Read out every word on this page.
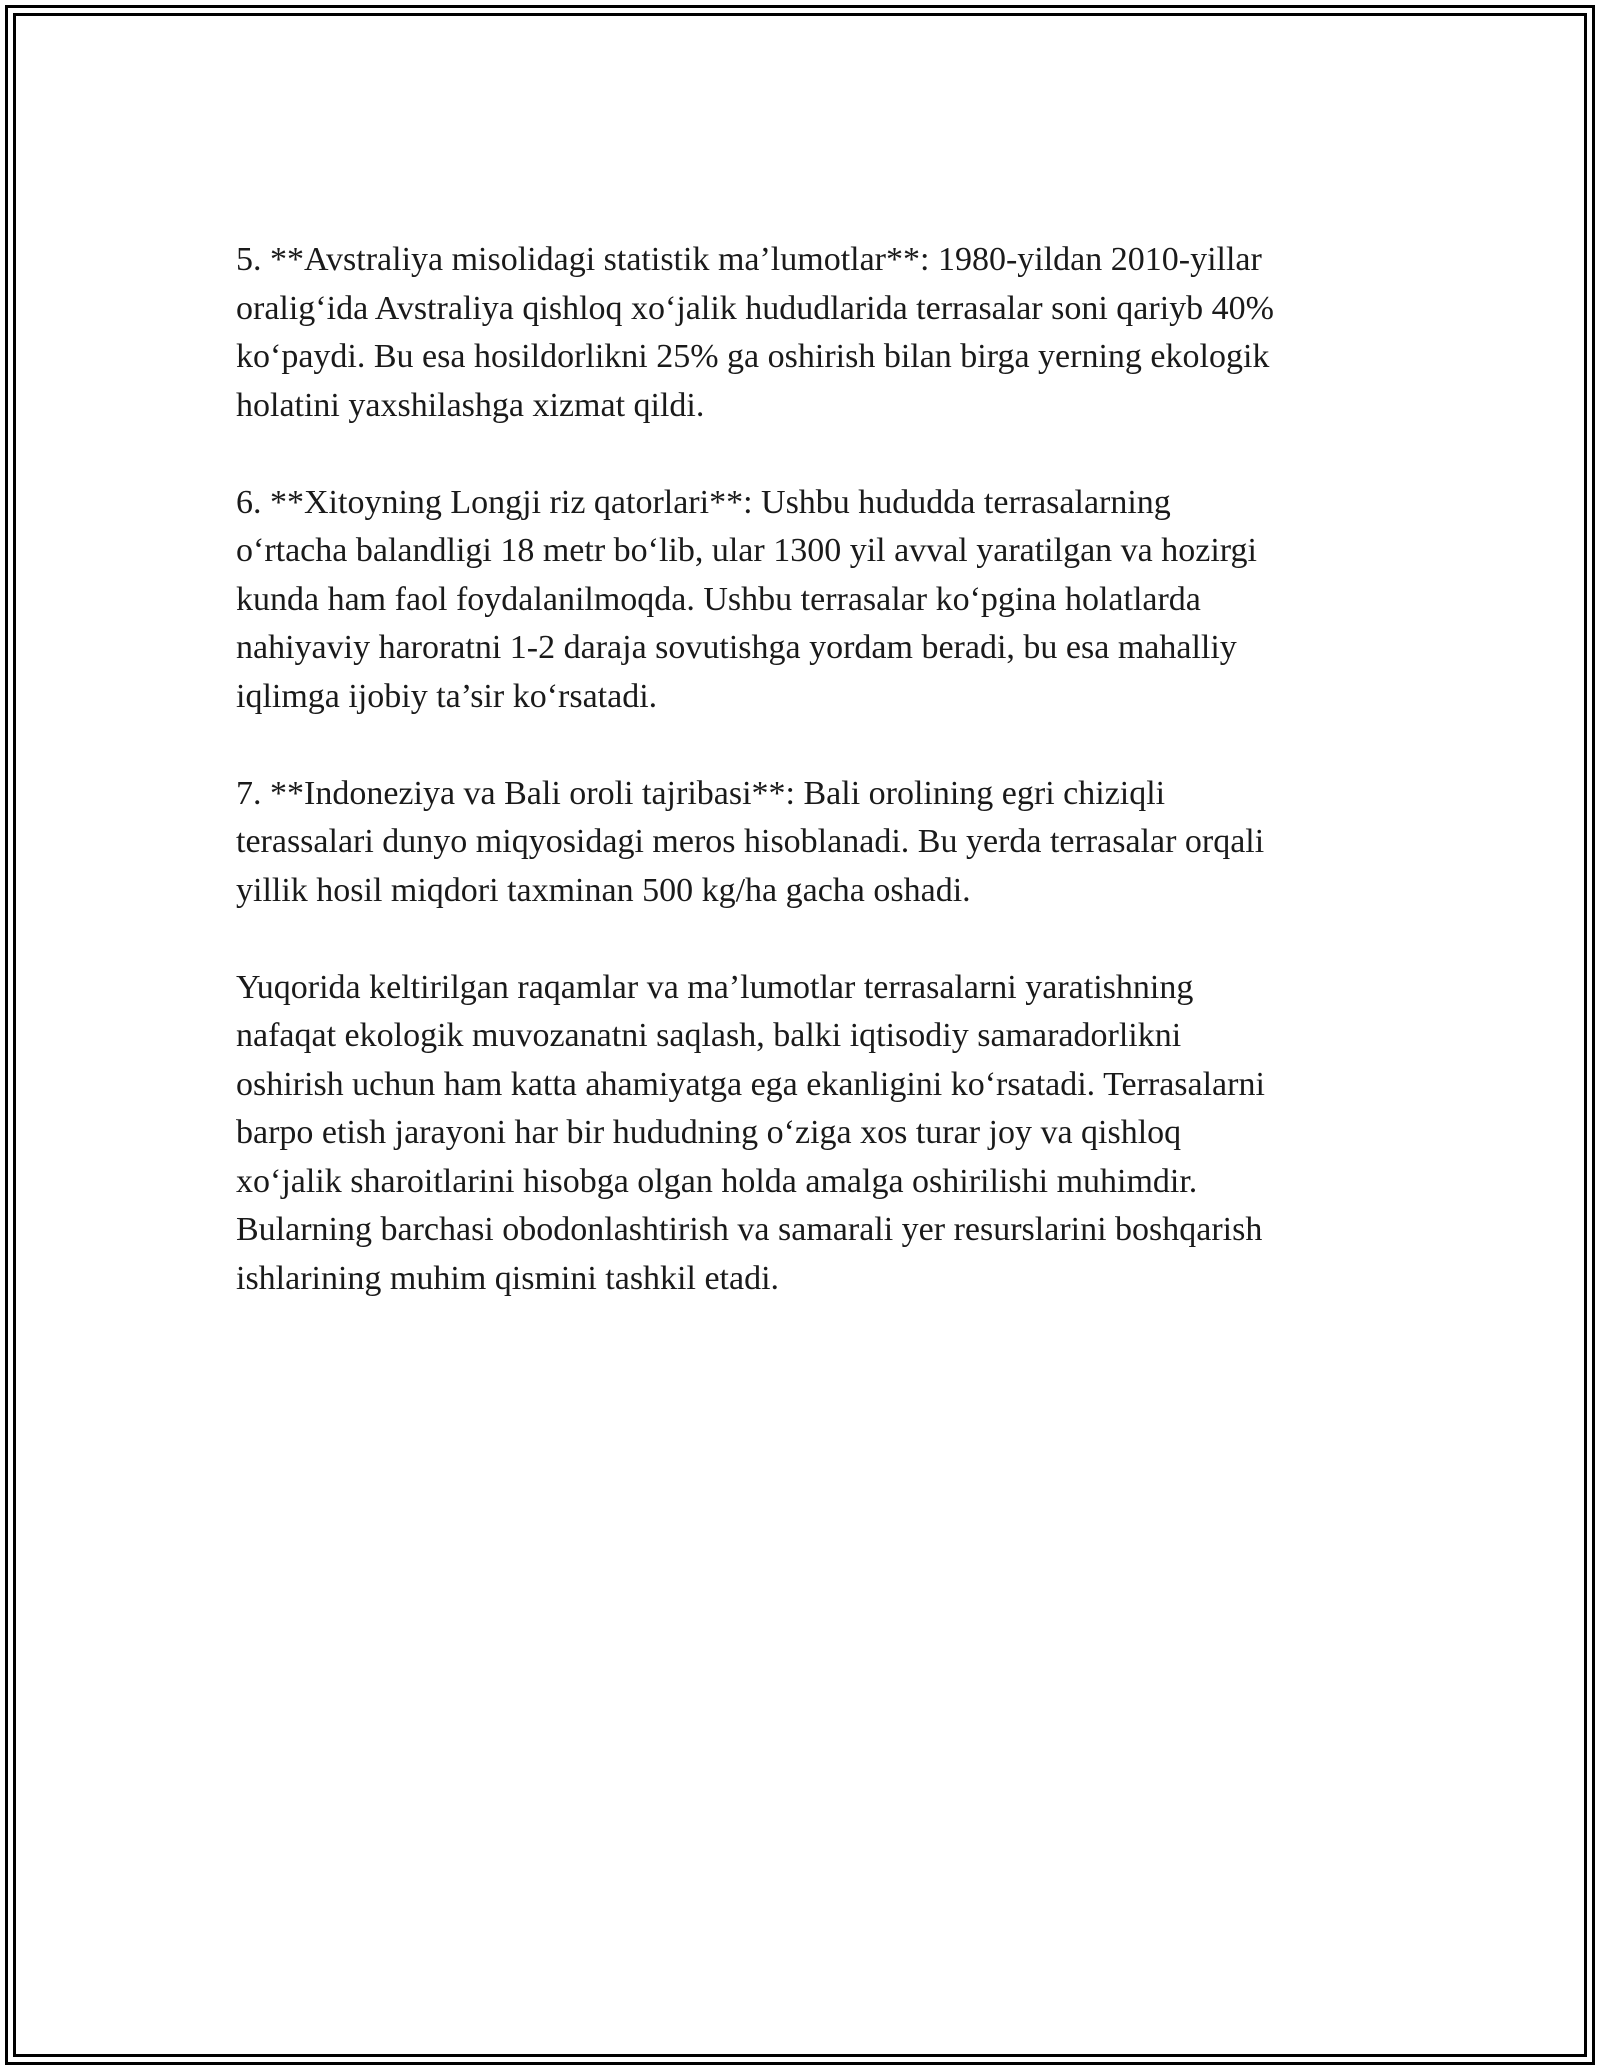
5. **Avstraliya misolidagi statistik ma’lumotlar**: 1980-yildan 2010-yillar
oralig‘ida Avstraliya qishloq xo‘jalik hududlarida terrasalar soni qariyb 40%
ko‘paydi. Bu esa hosildorlikni 25% ga oshirish bilan birga yerning ekologik
holatini yaxshilashga xizmat qildi.

6. **Xitoyning Longji riz qatorlari**: Ushbu hududda terrasalarning
o‘rtacha balandligi 18 metr bo‘lib, ular 1300 yil avval yaratilgan va hozirgi
kunda ham faol foydalanilmoqda. Ushbu terrasalar ko‘pgina holatlarda
nahiyaviy haroratni 1-2 daraja sovutishga yordam beradi, bu esa mahalliy
iqlimga ijobiy ta’sir ko‘rsatadi.

7. **Indoneziya va Bali oroli tajribasi**: Bali orolining egri chiziqli
terassalari dunyo miqyosidagi meros hisoblanadi. Bu yerda terrasalar orqali
yillik hosil miqdori taxminan 500 kg/ha gacha oshadi.

Yuqorida keltirilgan raqamlar va ma’lumotlar terrasalarni yaratishning
nafaqat ekologik muvozanatni saqlash, balki iqtisodiy samaradorlikni
oshirish uchun ham katta ahamiyatga ega ekanligini ko‘rsatadi. Terrasalarni
barpo etish jarayoni har bir hududning o‘ziga xos turar joy va qishloq
xo‘jalik sharoitlarini hisobga olgan holda amalga oshirilishi muhimdir.
Bularning barchasi obodonlashtirish va samarali yer resurslarini boshqarish
ishlarining muhim qismini tashkil etadi.
